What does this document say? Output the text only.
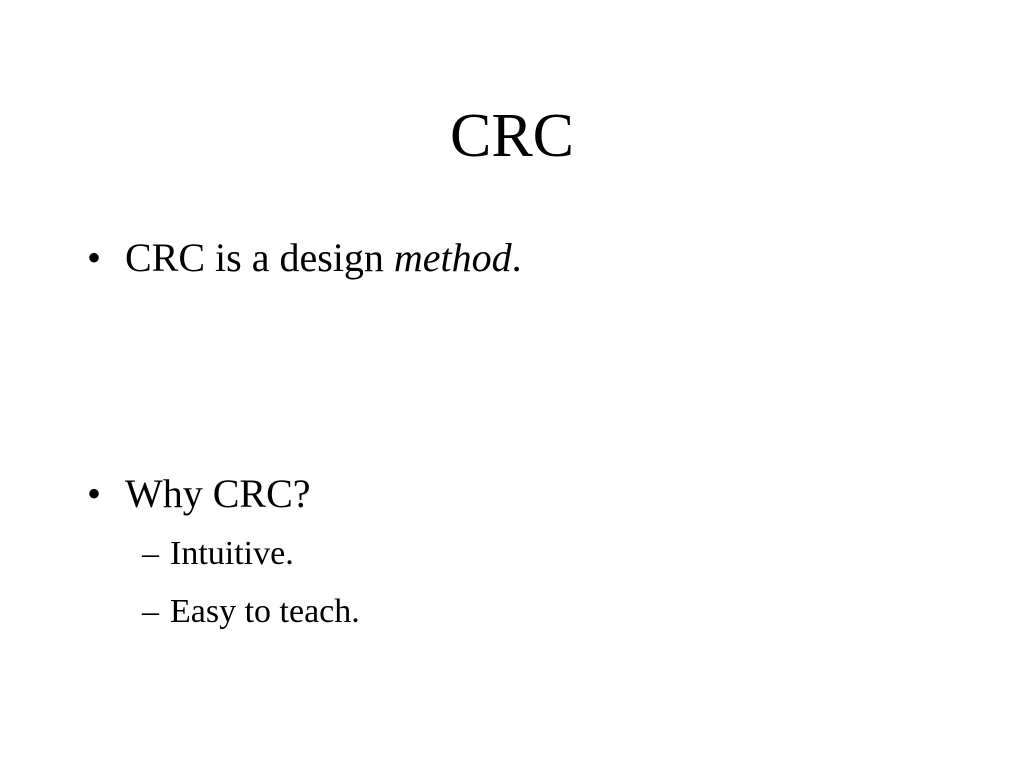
CRC
• CRC is a design method.
• Why CRC?
– Intuitive.
– Easy to teach.
